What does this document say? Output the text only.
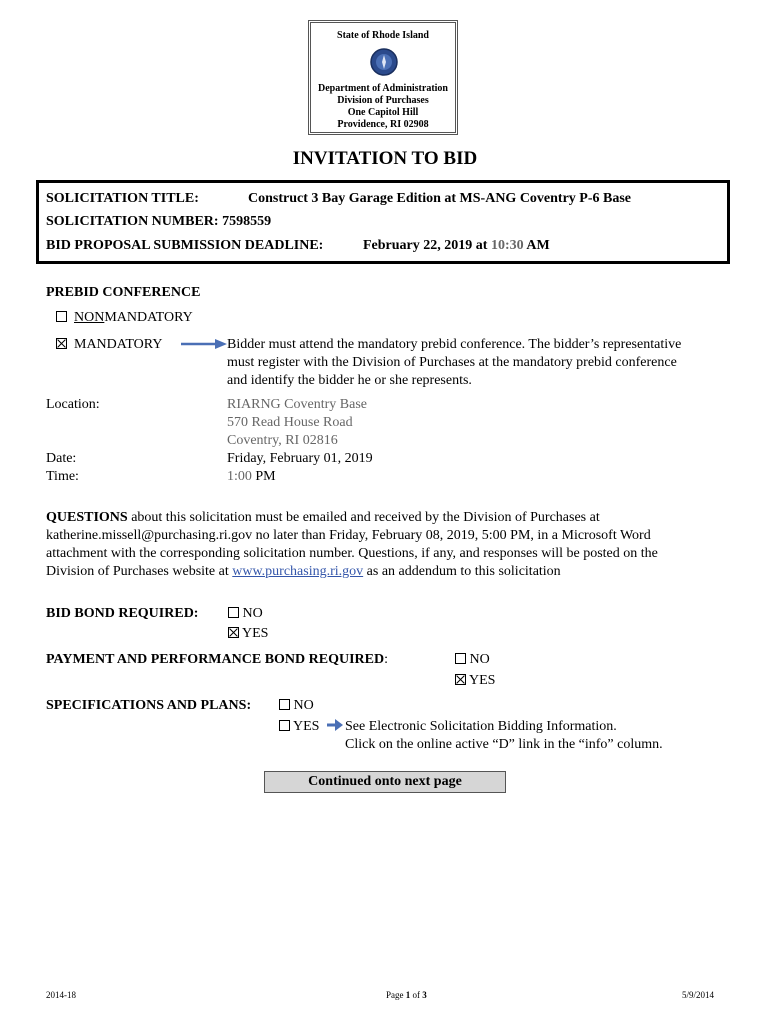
State of Rhode Island
Department of Administration
Division of Purchases
One Capitol Hill
Providence, RI 02908
INVITATION TO BID
SOLICITATION TITLE:	Construct 3 Bay Garage Edition at MS-ANG Coventry P-6 Base
SOLICITATION NUMBER: 7598559
BID PROPOSAL SUBMISSION DEADLINE:	February 22, 2019 at 10:30 AM
PREBID CONFERENCE
NONMANDATORY
MANDATORY	Bidder must attend the mandatory prebid conference. The bidder’s representative
must register with the Division of Purchases at the mandatory prebid conference
and identify the bidder he or she represents.
Location:	RIARNG Coventry Base
570 Read House Road
Coventry, RI 02816
Date:	Friday, February 01, 2019
Time:	1:00 PM
QUESTIONS about this solicitation must be emailed and received by the Division of Purchases at
katherine.missell@purchasing.ri.gov no later than Friday, February 08, 2019, 5:00 PM, in a Microsoft Word
attachment with the corresponding solicitation number. Questions, if any, and responses will be posted on the
Division of Purchases website at www.purchasing.ri.gov as an addendum to this solicitation
BID BOND REQUIRED:	NO
YES
PAYMENT AND PERFORMANCE BOND REQUIRED:	NO
YES
SPECIFICATIONS AND PLANS:	NO
YES See Electronic Solicitation Bidding Information.
Click on the online active “D” link in the “info” column.
Continued onto next page
2014-18	Page 1 of 3	5/9/2014
